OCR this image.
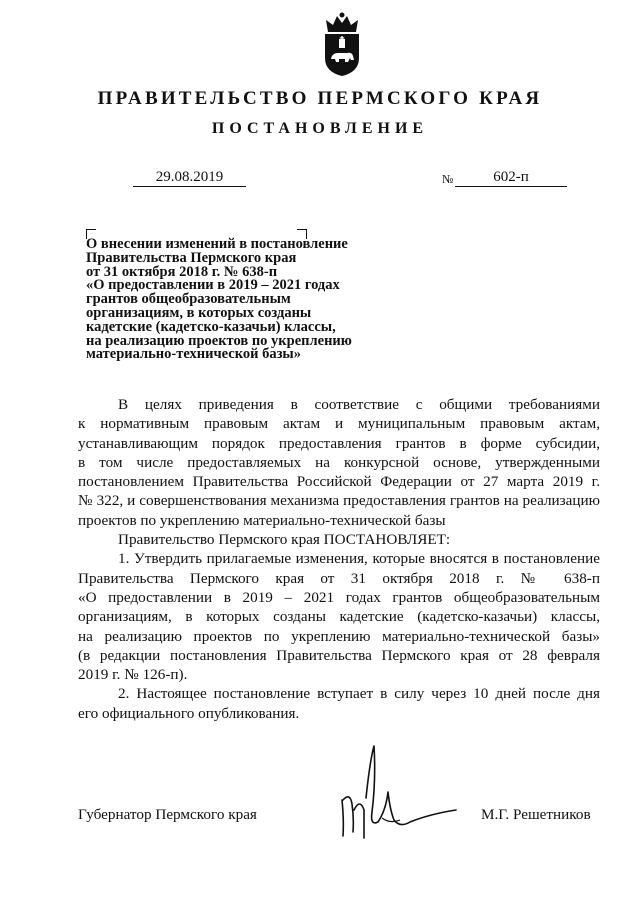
ПРАВИТЕЛЬСТВО ПЕРМСКОГО КРАЯ

ПОСТАНОВЛЕНИЕ

29.08.2019	№	602-п
О внесении изменений в постановление
Правительства Пермского края
от 31 октября 2018 г. № 638-п
«О предоставлении в 2019 – 2021 годах
грантов общеобразовательным
организациям, в которых созданы
кадетские (кадетско-казачьи) классы,
на реализацию проектов по укреплению
материально-технической базы»

В целях приведения в соответствие с общими требованиями
к нормативным правовым актам и муниципальным правовым актам,
устанавливающим порядок предоставления грантов в форме субсидии,
в том числе предоставляемых на конкурсной основе, утвержденными
постановлением Правительства Российской Федерации от 27 марта 2019 г.
№ 322, и совершенствования механизма предоставления грантов на реализацию
проектов по укреплению материально-технической базы

Правительство Пермского края ПОСТАНОВЛЯЕТ:

1. Утвердить прилагаемые изменения, которые вносятся в постановление
Правительства Пермского края от 31 октября 2018 г. № 638-п
«О предоставлении в 2019 – 2021 годах грантов общеобразовательным
организациям, в которых созданы кадетские (кадетско-казачьи) классы,
на реализацию проектов по укреплению материально-технической базы»
(в редакции постановления Правительства Пермского края от 28 февраля
2019 г. № 126-п).

2. Настоящее постановление вступает в силу через 10 дней после дня
его официального опубликования.

Губернатор Пермского края	М.Г. Решетников
